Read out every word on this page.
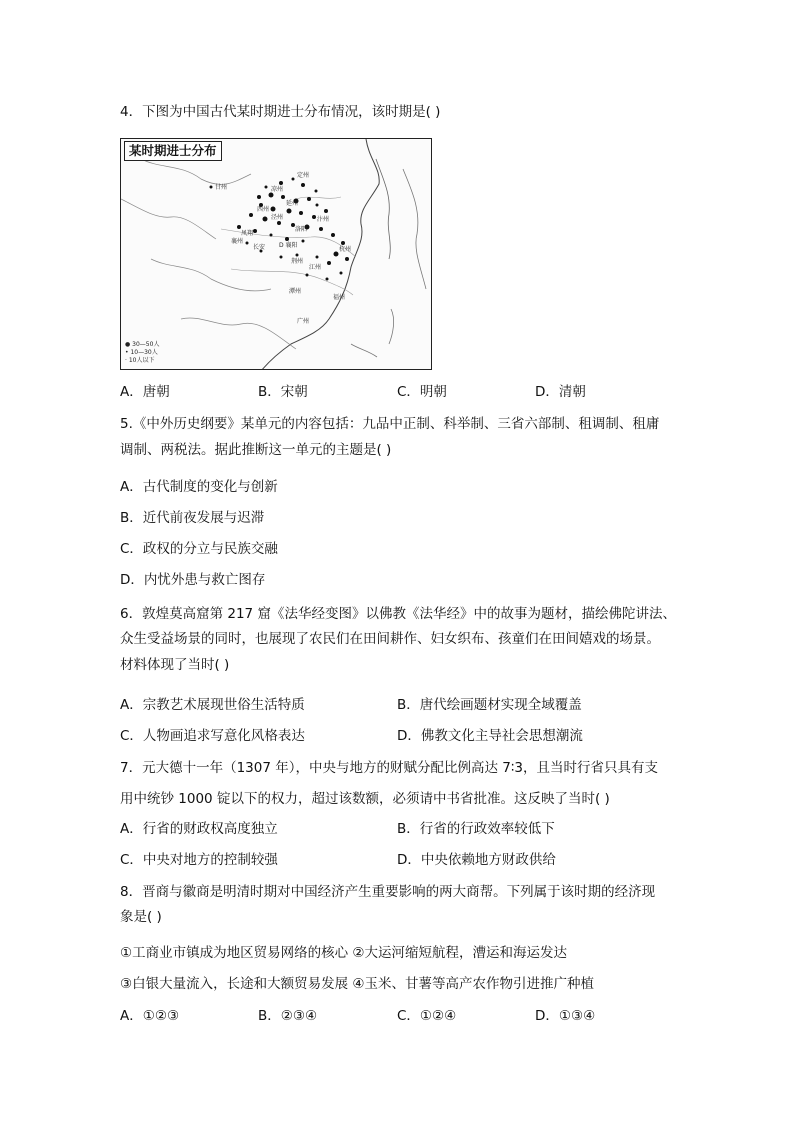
4．下图为中国古代某时期进士分布情况，该时期是( )
甘州
定州
凉州
延州
汴州
西州
泾州
洛阳
凤翔
襄州
长安 D 襄阳
荆州
江州
杭州
潭州
福州
广州
某时期进士分布
● 30—50人
• 10—30人
· 10人以下
A．唐朝	B．宋朝	C．明朝	D．清朝
5.《中外历史纲要》某单元的内容包括：九品中正制、科举制、三省六部制、租调制、租庸
调制、两税法。据此推断这一单元的主题是( )
A．古代制度的变化与创新
B．近代前夜发展与迟滞
C．政权的分立与民族交融
D．内忧外患与救亡图存
6．敦煌莫高窟第 217 窟《法华经变图》以佛教《法华经》中的故事为题材，描绘佛陀讲法、
众生受益场景的同时，也展现了农民们在田间耕作、妇女织布、孩童们在田间嬉戏的场景。
材料体现了当时( )
A．宗教艺术展现世俗生活特质	B．唐代绘画题材实现全域覆盖
C．人物画追求写意化风格表达	D．佛教文化主导社会思想潮流
7．元大德十一年（1307 年），中央与地方的财赋分配比例高达 7∶3，且当时行省只具有支
用中统钞 1000 锭以下的权力，超过该数额，必须请中书省批准。这反映了当时( )
A．行省的财政权高度独立	B．行省的行政效率较低下
C．中央对地方的控制较强	D．中央依赖地方财政供给
8．晋商与徽商是明清时期对中国经济产生重要影响的两大商帮。下列属于该时期的经济现
象是( )
①工商业市镇成为地区贸易网络的核心 ②大运河缩短航程，漕运和海运发达
③白银大量流入，长途和大额贸易发展 ④玉米、甘薯等高产农作物引进推广种植
A．①②③	B．②③④	C．①②④	D．①③④
